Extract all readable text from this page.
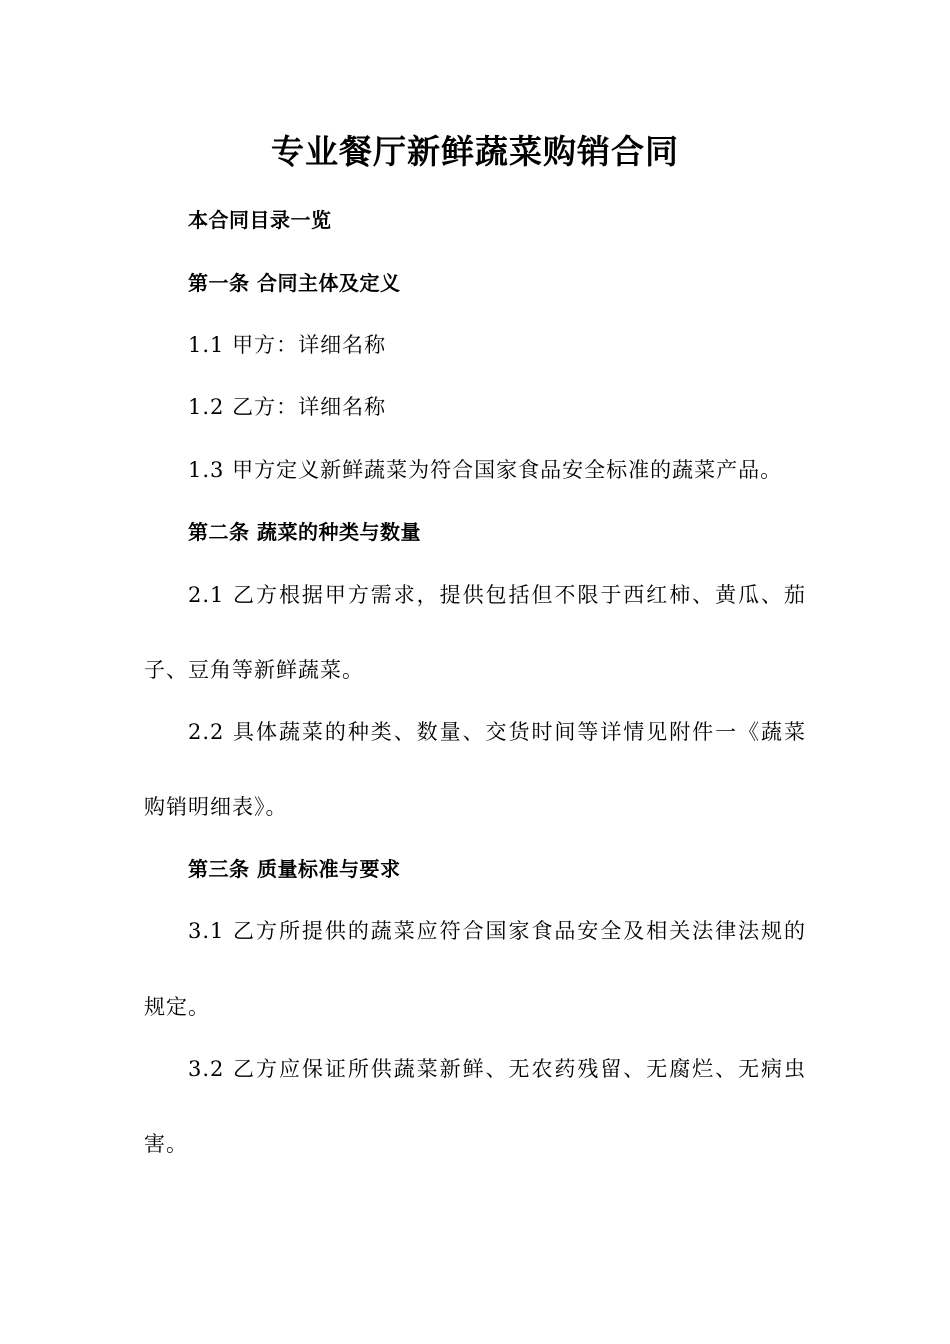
专业餐厅新鲜蔬菜购销合同
本合同目录一览
第一条 合同主体及定义
1.1 甲方：详细名称
1.2 乙方：详细名称
1.3 甲方定义新鲜蔬菜为符合国家食品安全标准的蔬菜产品。
第二条 蔬菜的种类与数量
2.1 乙方根据甲方需求，提供包括但不限于西红柿、黄瓜、茄
子、豆角等新鲜蔬菜。
2.2 具体蔬菜的种类、数量、交货时间等详情见附件一《蔬菜
购销明细表》。
第三条 质量标准与要求
3.1 乙方所提供的蔬菜应符合国家食品安全及相关法律法规的
规定。
3.2 乙方应保证所供蔬菜新鲜、无农药残留、无腐烂、无病虫
害。
